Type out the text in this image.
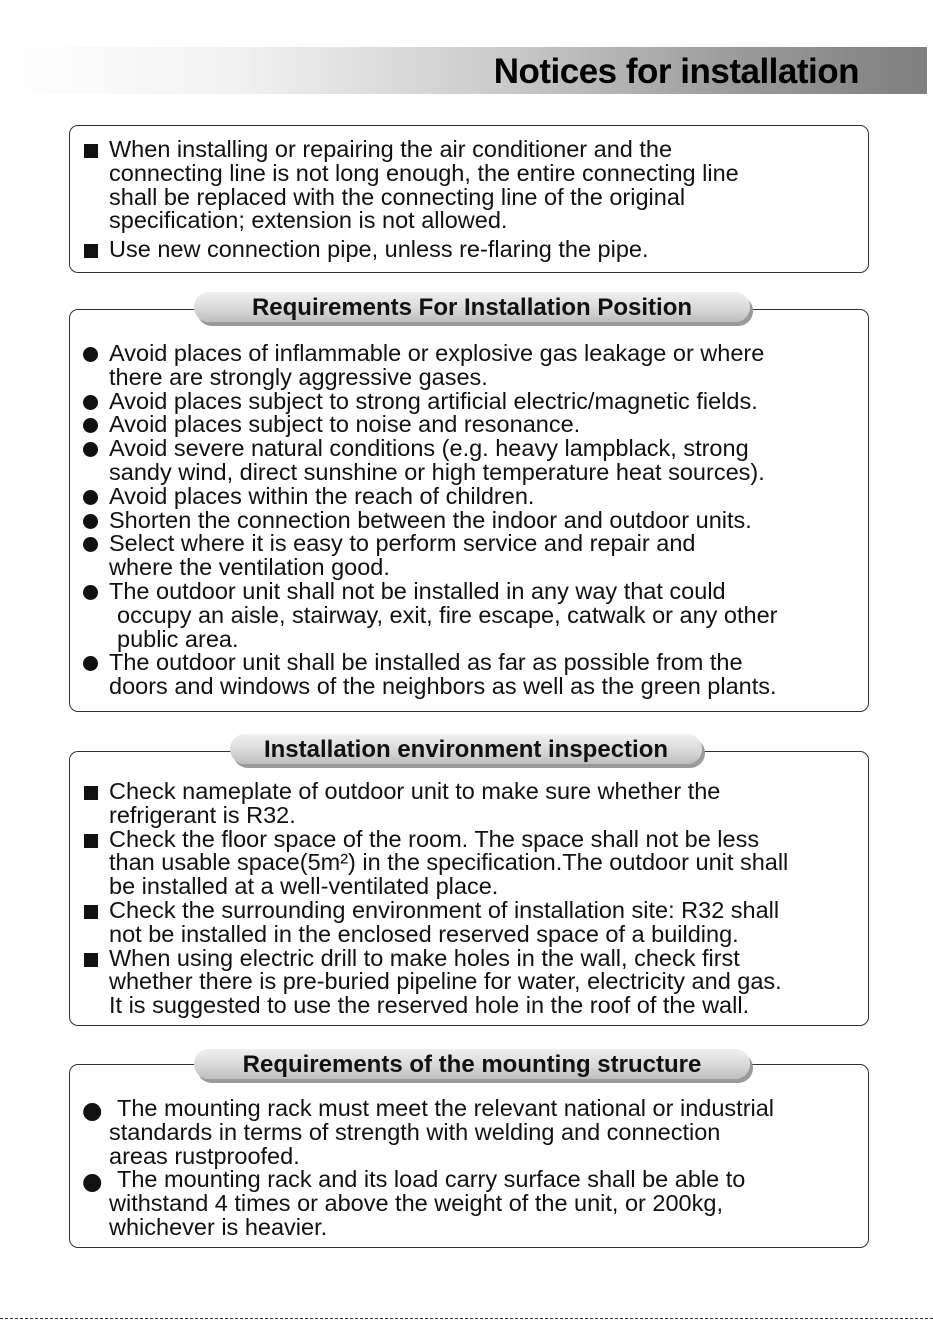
Notices for installation
When installing or repairing the air conditioner and the
connecting line is not long enough, the entire connecting line
shall be replaced with the connecting line of the original
specification; extension is not allowed.
Use new connection pipe, unless re-flaring the pipe.
Requirements For Installation Position
Avoid places of inflammable or explosive gas leakage or where
there are strongly aggressive gases.
Avoid places subject to strong artificial electric/magnetic fields.
Avoid places subject to noise and resonance.
Avoid severe natural conditions (e.g. heavy lampblack, strong
sandy wind, direct sunshine or high temperature heat sources).
Avoid places within the reach of children.
Shorten the connection between the indoor and outdoor units.
Select where it is easy to perform service and repair and
where the ventilation good.
The outdoor unit shall not be installed in any way that could
occupy an aisle, stairway, exit, fire escape, catwalk or any other
public area.
The outdoor unit shall be installed as far as possible from the
doors and windows of the neighbors as well as the green plants.
Installation environment inspection
Check nameplate of outdoor unit to make sure whether the
refrigerant is R32.
Check the floor space of the room. The space shall not be less
than usable space(5m²) in the specification.The outdoor unit shall
be installed at a well-ventilated place.
Check the surrounding environment of installation site: R32 shall
not be installed in the enclosed reserved space of a building.
When using electric drill to make holes in the wall, check first
whether there is pre-buried pipeline for water, electricity and gas.
It is suggested to use the reserved hole in the roof of the wall.
Requirements of the mounting structure
The mounting rack must meet the relevant national or industrial
standards in terms of strength with welding and connection
areas rustproofed.
The mounting rack and its load carry surface shall be able to
withstand 4 times or above the weight of the unit, or 200kg,
whichever is heavier.
